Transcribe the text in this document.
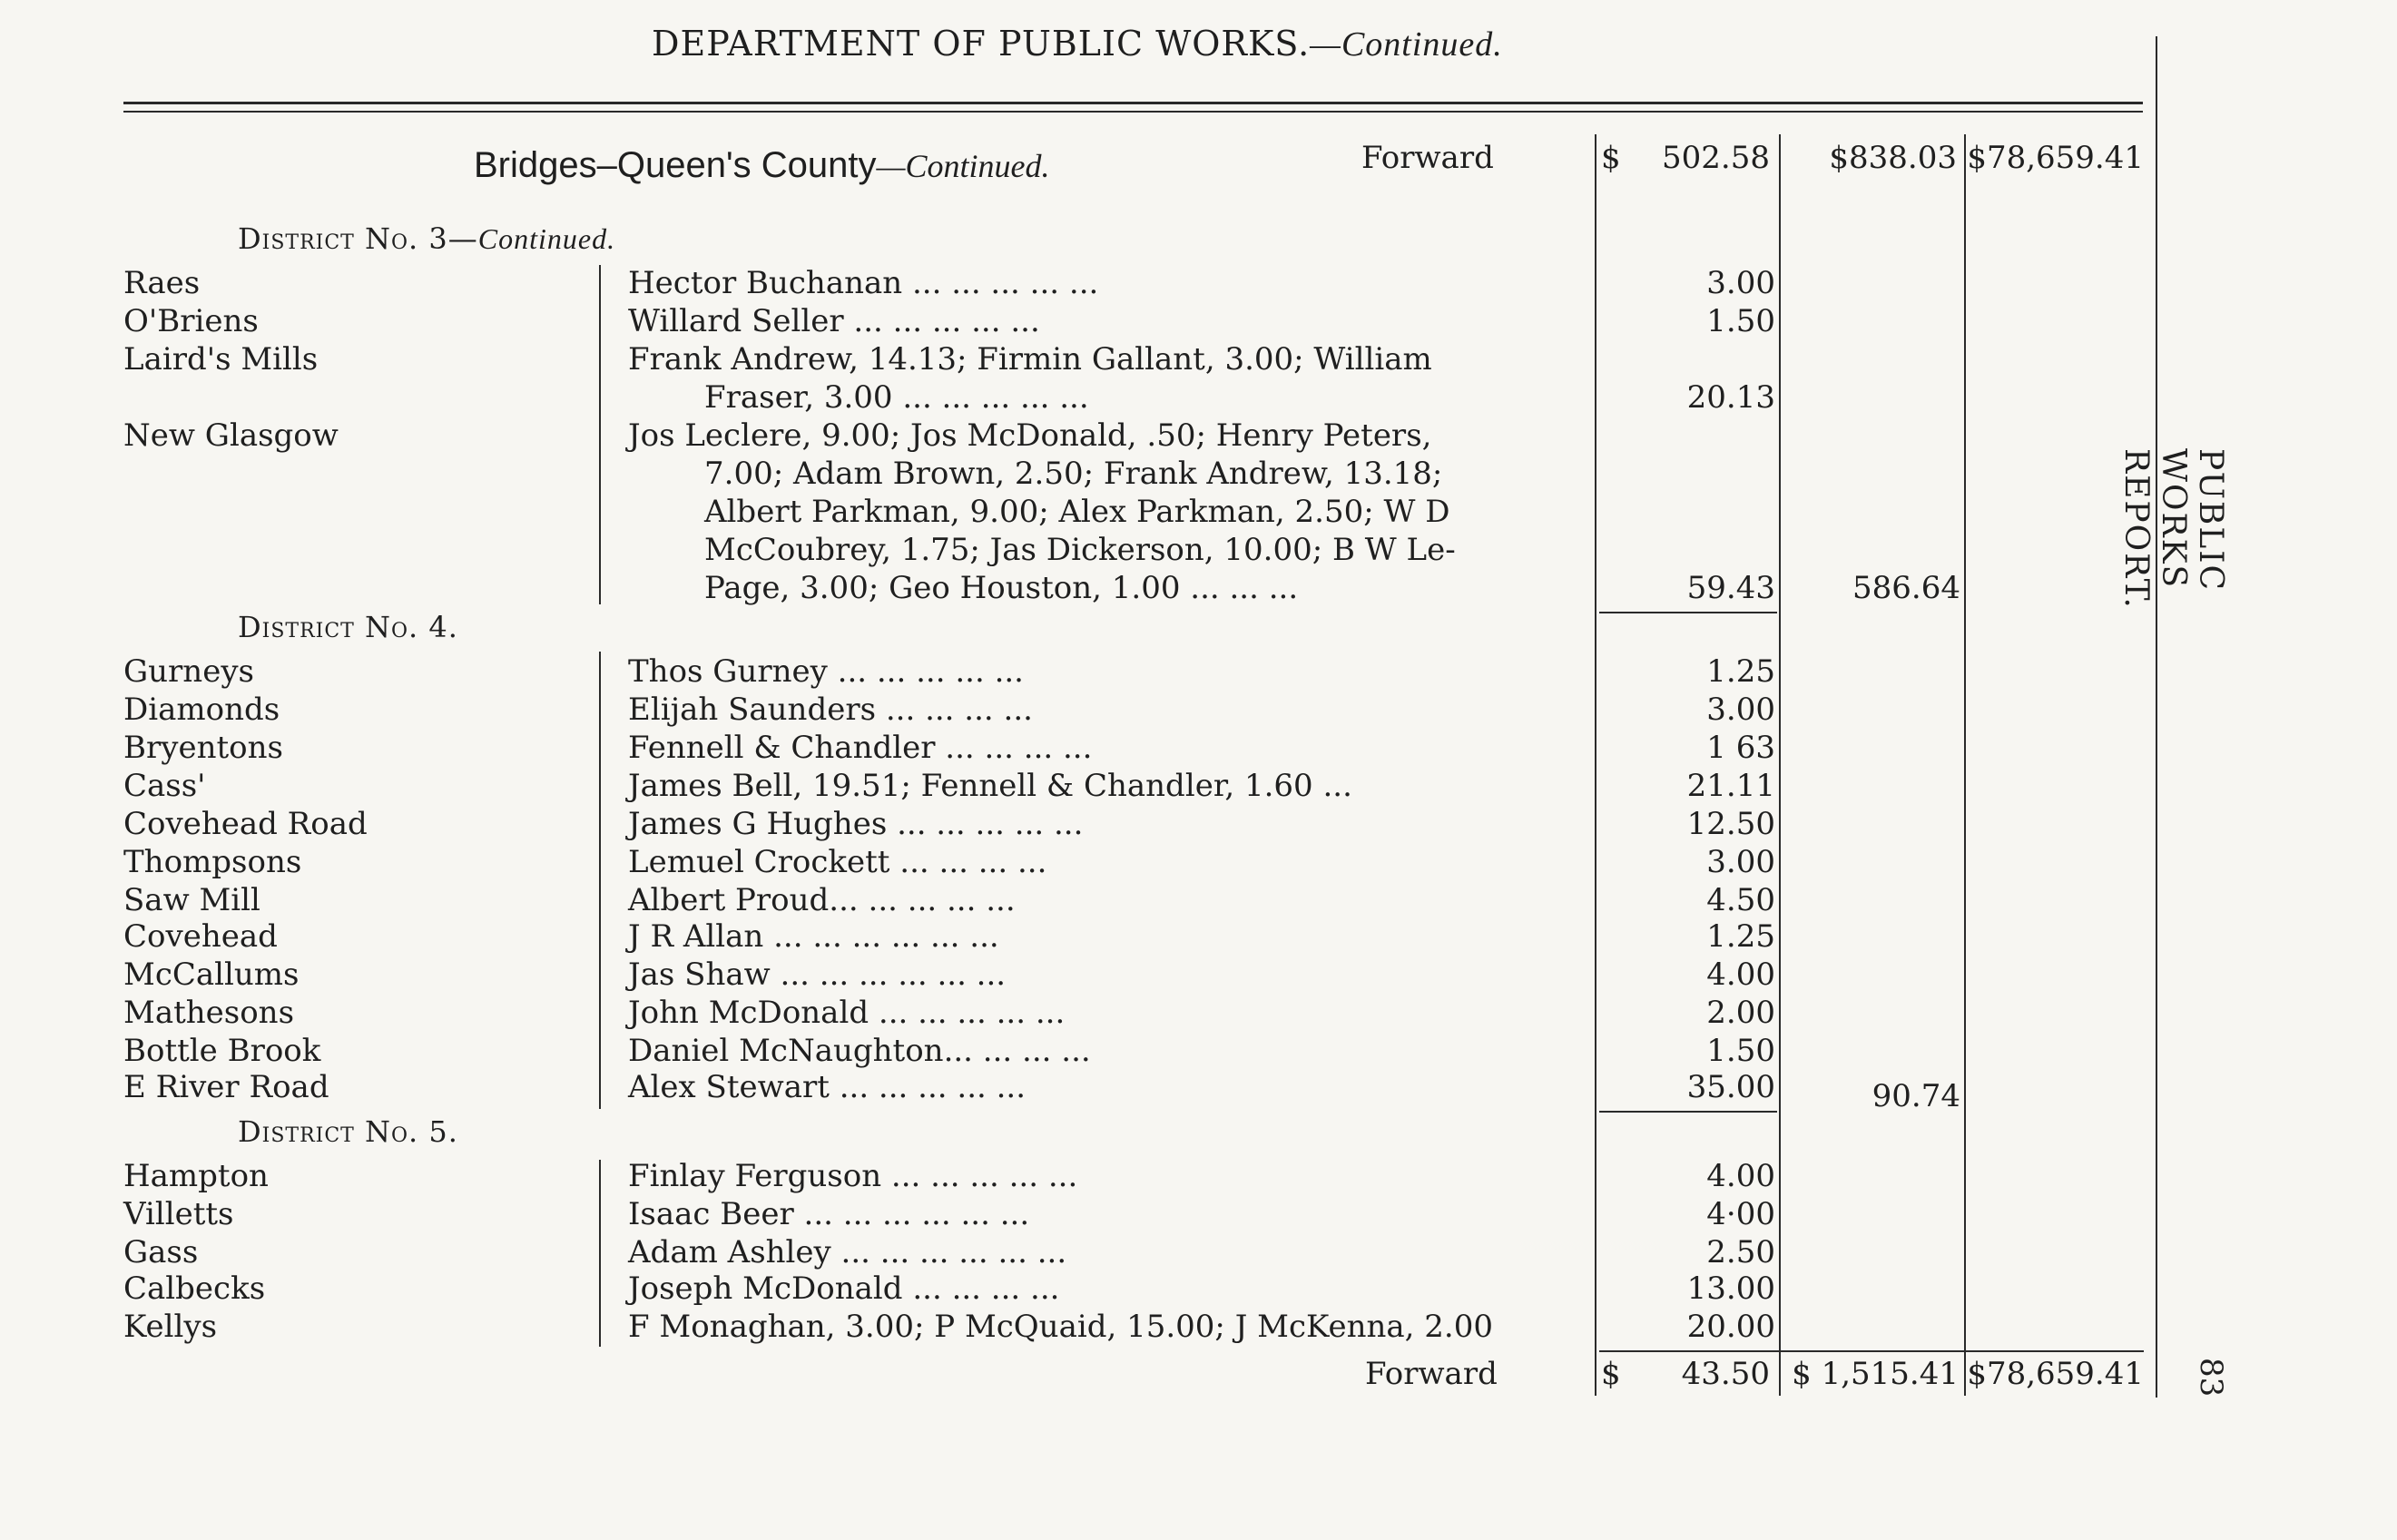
DEPARTMENT OF PUBLIC WORKS.—Continued.
Bridges–Queen's County—Continued.	Forward	$	502.58	$838.03 $78,659.41
District No. 3—Continued.
Raes	Hector Buchanan ... ... ... ... ...	3.00
O'Briens	Willard Seller ... ... ... ... ...	1.50
Laird's Mills	Frank Andrew, 14.13; Firmin Gallant, 3.00; William
Fraser, 3.00 ... ... ... ... ...	20.13
New Glasgow	Jos Leclere, 9.00; Jos McDonald, .50; Henry Peters,
7.00; Adam Brown, 2.50; Frank Andrew, 13.18;
Albert Parkman, 9.00; Alex Parkman, 2.50; W D
McCoubrey, 1.75; Jas Dickerson, 10.00; B W Le-
Page, 3.00; Geo Houston, 1.00 ... ... ...	59.43	586.64
District No. 4.
Gurneys	Thos Gurney ... ... ... ... ...	1.25
Diamonds	Elijah Saunders ... ... ... ...	3.00
Bryentons	Fennell & Chandler ... ... ... ...	1 63
Cass'	James Bell, 19.51; Fennell & Chandler, 1.60 ...	21.11
Covehead Road	James G Hughes ... ... ... ... ...	12.50
Thompsons	Lemuel Crockett ... ... ... ...	3.00
Saw Mill	Albert Proud... ... ... ... ...	4.50
Covehead	J R Allan ... ... ... ... ... ...	1.25
McCallums	Jas Shaw ... ... ... ... ... ...	4.00
Mathesons	John McDonald ... ... ... ... ...	2.00
Bottle Brook	Daniel McNaughton... ... ... ...	1.50
E River Road	Alex Stewart ... ... ... ... ...	35.00	90.74
District No. 5.
Hampton	Finlay Ferguson ... ... ... ... ...	4.00
Villetts	Isaac Beer ... ... ... ... ... ...	4·00
Gass	Adam Ashley ... ... ... ... ... ...	2.50
Calbecks	Joseph McDonald ... ... ... ...	13.00
Kellys	F Monaghan, 3.00; P McQuaid, 15.00; J McKenna, 2.00	20.00
Forward	$	43.50 $ 1,515.41 $78,659.41
PUBLIC WORKS REPORT.
83
